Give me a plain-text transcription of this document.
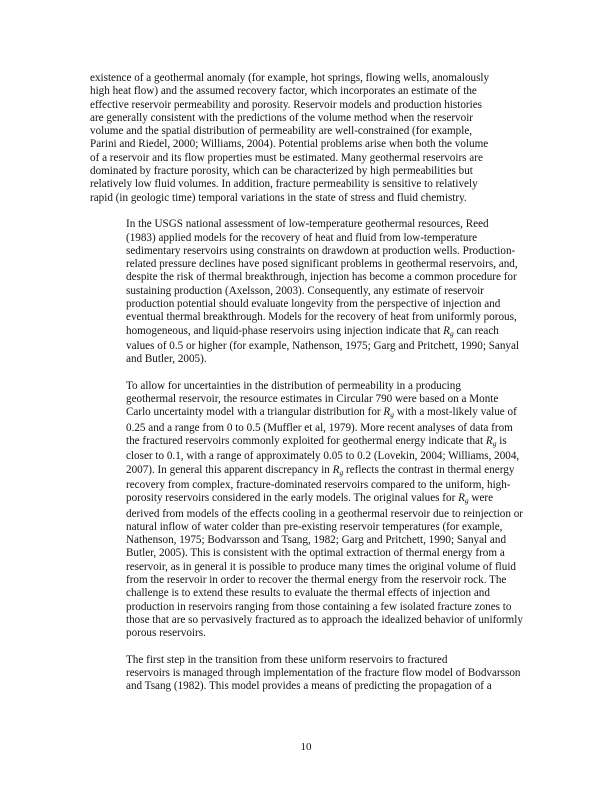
existence of a geothermal anomaly (for example, hot springs, flowing wells, anomalously
high heat flow) and the assumed recovery factor, which incorporates an estimate of the
effective reservoir permeability and porosity. Reservoir models and production histories
are generally consistent with the predictions of the volume method when the reservoir
volume and the spatial distribution of permeability are well-constrained (for example,
Parini and Riedel, 2000; Williams, 2004). Potential problems arise when both the volume
of a reservoir and its flow properties must be estimated. Many geothermal reservoirs are
dominated by fracture porosity, which can be characterized by high permeabilities but
relatively low fluid volumes. In addition, fracture permeability is sensitive to relatively
rapid (in geologic time) temporal variations in the state of stress and fluid chemistry.

In the USGS national assessment of low-temperature geothermal resources, Reed
(1983) applied models for the recovery of heat and fluid from low-temperature
sedimentary reservoirs using constraints on drawdown at production wells. Production-
related pressure declines have posed significant problems in geothermal reservoirs, and,
despite the risk of thermal breakthrough, injection has become a common procedure for
sustaining production (Axelsson, 2003). Consequently, any estimate of reservoir
production potential should evaluate longevity from the perspective of injection and
eventual thermal breakthrough. Models for the recovery of heat from uniformly porous,
homogeneous, and liquid-phase reservoirs using injection indicate that $R_g$ can reach
values of 0.5 or higher (for example, Nathenson, 1975; Garg and Pritchett, 1990; Sanyal
and Butler, 2005).

To allow for uncertainties in the distribution of permeability in a producing
geothermal reservoir, the resource estimates in Circular 790 were based on a Monte
Carlo uncertainty model with a triangular distribution for $R_g$ with a most-likely value of
0.25 and a range from 0 to 0.5 (Muffler et al, 1979). More recent analyses of data from
the fractured reservoirs commonly exploited for geothermal energy indicate that $R_g$ is
closer to 0.1, with a range of approximately 0.05 to 0.2 (Lovekin, 2004; Williams, 2004,
2007). In general this apparent discrepancy in $R_g$ reflects the contrast in thermal energy
recovery from complex, fracture-dominated reservoirs compared to the uniform, high-
porosity reservoirs considered in the early models. The original values for $R_g$ were
derived from models of the effects cooling in a geothermal reservoir due to reinjection or
natural inflow of water colder than pre-existing reservoir temperatures (for example,
Nathenson, 1975; Bodvarsson and Tsang, 1982; Garg and Pritchett, 1990; Sanyal and
Butler, 2005). This is consistent with the optimal extraction of thermal energy from a
reservoir, as in general it is possible to produce many times the original volume of fluid
from the reservoir in order to recover the thermal energy from the reservoir rock. The
challenge is to extend these results to evaluate the thermal effects of injection and
production in reservoirs ranging from those containing a few isolated fracture zones to
those that are so pervasively fractured as to approach the idealized behavior of uniformly
porous reservoirs.

The first step in the transition from these uniform reservoirs to fractured
reservoirs is managed through implementation of the fracture flow model of Bodvarsson
and Tsang (1982). This model provides a means of predicting the propagation of a

10
